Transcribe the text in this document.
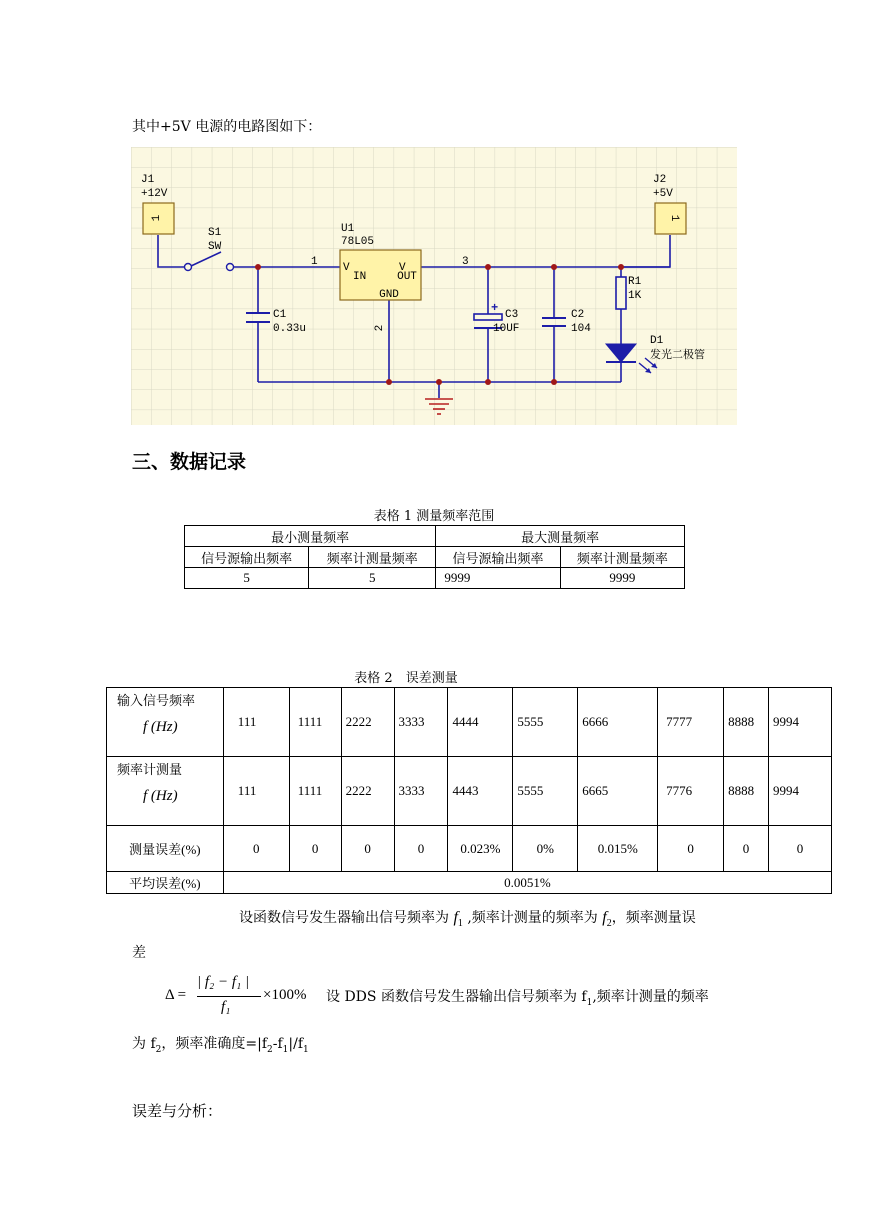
其中+5V 电源的电路图如下：
J1
+12V
1
J2
+5V
1
S1
SW
U1
78L05
V
IN
V
OUT
GND
1	3
2
C1
0.33u
+ C3
10UF
C2
104
R1
1K
D1
发光二极管
三、数据记录
表格 1 测量频率范围
最小测量频率		最大测量频率	
信号源输出频率	频率计测量频率	信号源输出频率	频率计测量频率
5	5	9999	9999
表格 2　误差测量
输入信号频率
f (Hz)	111	1111	2222	3333	4444	5555	6666	7777	8888	9994

频率计测量
f (Hz)	111	1111	2222	3333	4443	5555	6665	7776	8888	9994
测量误差(%)	0	0	0	0	0.023%	0%	0.015%	0	0	0
平均误差(%)	0.0051%									
设函数信号发生器输出信号频率为 $f_1$ ,频率计测量的频率为 $f_2$，频率测量误
差
Δ =
| f₂ − f₁ |
f₁
×100% 设 DDS 函数信号发生器输出信号频率为 $f_1$,频率计测量的频率
为 $f_2$，频率准确度$=|f_2-f_1|/f_1$
误差与分析：
